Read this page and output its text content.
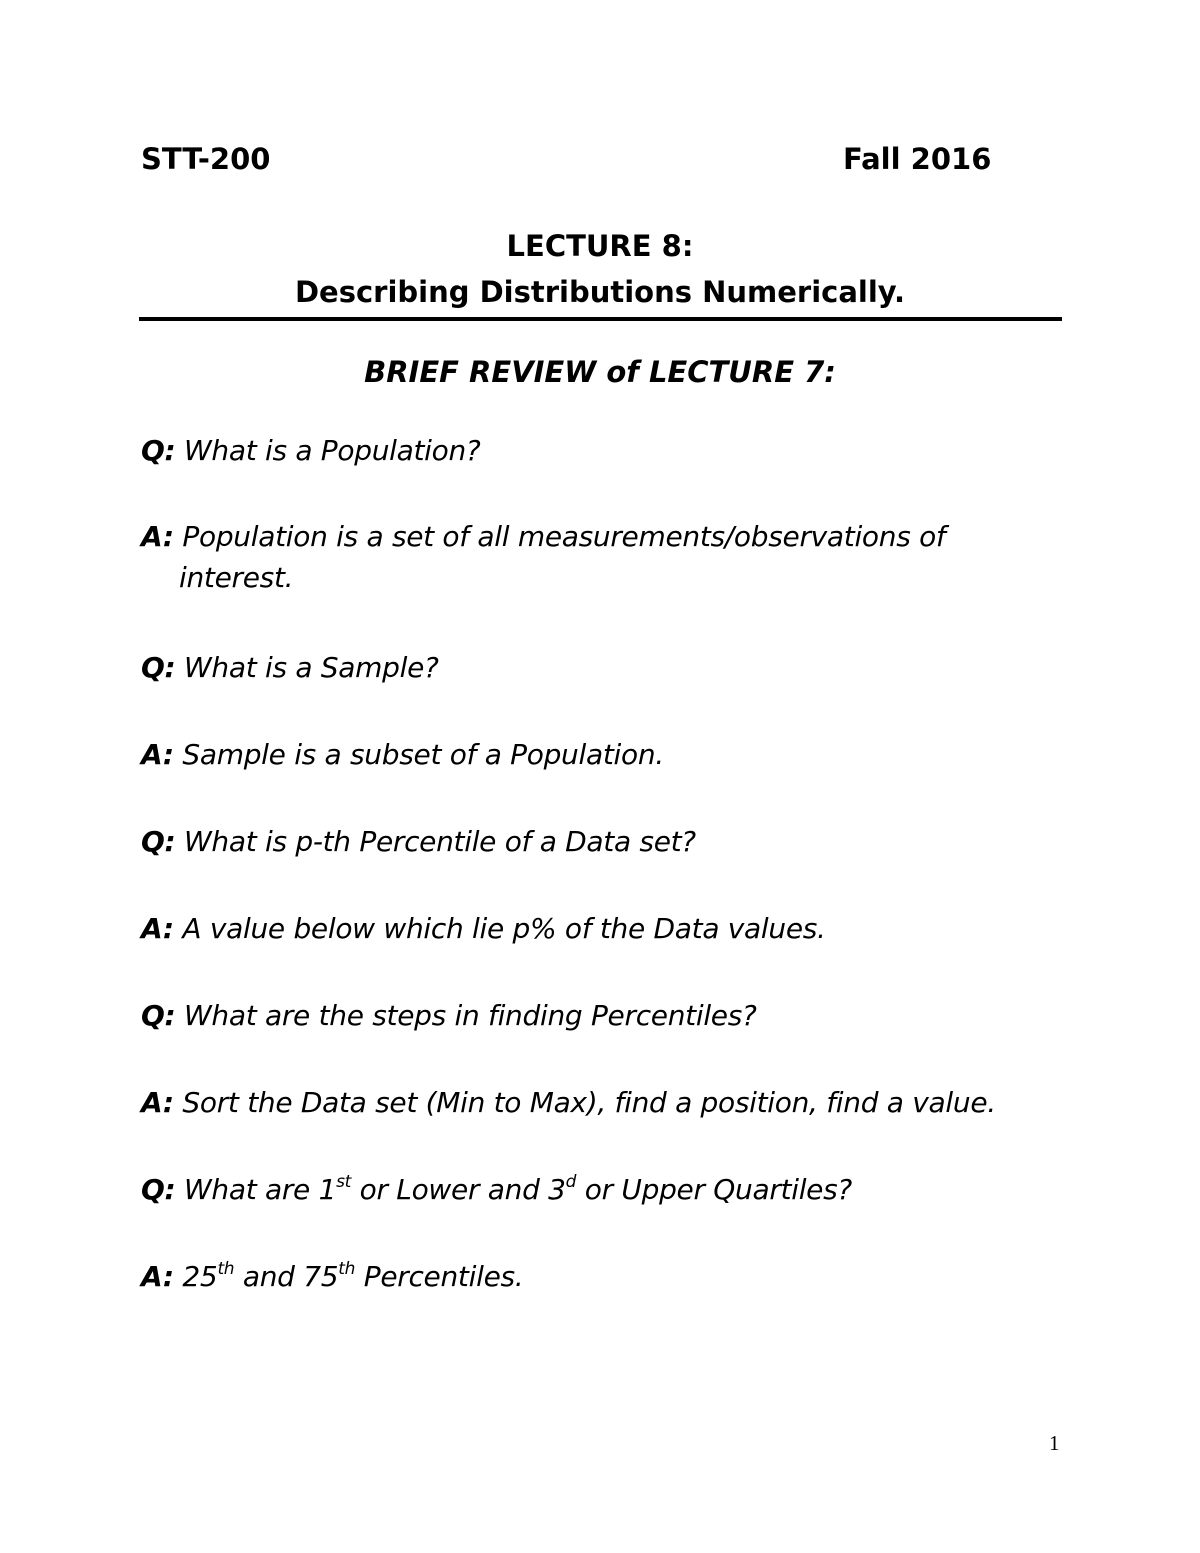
STT-200	Fall 2016
LECTURE 8:
Describing Distributions Numerically.
BRIEF REVIEW of LECTURE 7:
Q: What is a Population?
A: Population is a set of all measurements/observations of
interest.
Q: What is a Sample?
A: Sample is a subset of a Population.
Q: What is p-th Percentile of a Data set?
A: A value below which lie p% of the Data values.
Q: What are the steps in finding Percentiles?
A: Sort the Data set (Min to Max), find a position, find a value.
Q: What are 1st or Lower and 3$^d$ or Upper Quartiles?
A: 25th and 75th Percentiles.
1
